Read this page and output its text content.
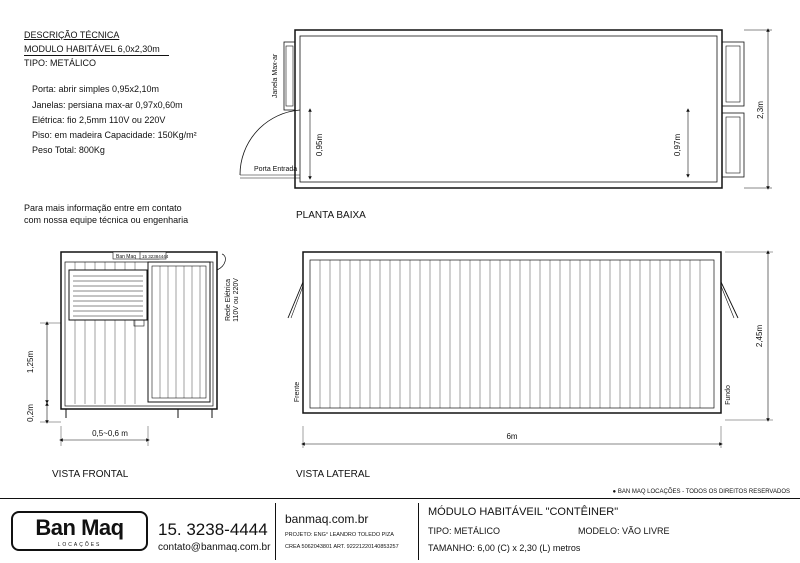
DESCRIÇÃO TÉCNICA
MODULO HABITÁVEL 6,0x2,30m
TIPO: METÁLICO
Porta: abrir simples 0,95x2,10m
Janelas: persiana max-ar 0,97x0,60m
Elétrica: fio 2,5mm 110V ou 220V
Piso: em madeira Capacidade: 150Kg/m²
Peso Total: 800Kg
Para mais informação entre em contato
com nossa equipe técnica ou engenharia
Janela Max-ar
Porta Entrada
0,95m	0,97m
2,3m
Ban Maq 15 32384444
Rede Elétrica 110V ou 220V
1,25m
0,2m
0,5~0,6 m
Frente	Fundo
2,45m
6m
PLANTA BAIXA
VISTA FRONTAL	VISTA LATERAL
● BAN MAQ LOCAÇÕES - TODOS OS DIREITOS RESERVADOS
Ban Maq
LOCAÇÕES
15. 3238-4444
contato@banmaq.com.br
banmaq.com.br
PROJETO: ENG° LEANDRO TOLEDO PIZA
CREA 5062043801 ART. 92221220140853257
MÓDULO HABITÁVEIL "CONTÊINER"
TIPO: METÁLICO	MODELO: VÃO LIVRE
TAMANHO: 6,00 (C) x 2,30 (L) metros
